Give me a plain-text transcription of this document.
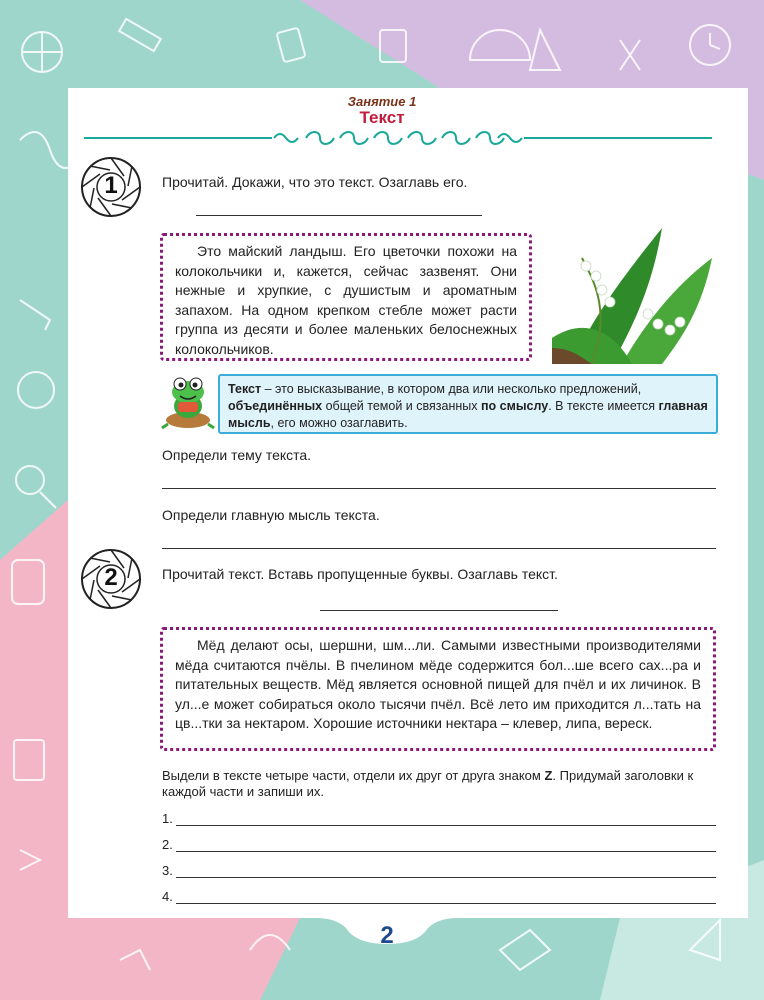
Занятие 1
Текст
1	Прочитай. Докажи, что это текст. Озаглавь его.
Это майский ландыш. Его цветочки похожи на колокольчики и, кажется, сейчас зазвенят. Они нежные и хрупкие, с душистым и ароматным запахом. На одном крепком стебле может расти группа из десяти и более маленьких белоснежных колокольчиков.
Текст – это высказывание, в котором два или несколько предложений, объединённых общей темой и связанных по смыслу. В тексте имеется главная мысль, его можно озаглавить.
Определи тему текста.
Определи главную мысль текста.
2	Прочитай текст. Вставь пропущенные буквы. Озаглавь текст.
Мёд делают осы, шершни, шм...ли. Самыми известными производителями мёда считаются пчёлы. В пчелином мёде содержится бол...ше всего сах...ра и питательных веществ. Мёд является основной пищей для пчёл и их личинок. В ул...е может собираться около тысячи пчёл. Всё лето им приходится л...тать на цв...тки за нектаром. Хорошие источники нектара – клевер, липа, вереск.
Выдели в тексте четыре части, отдели их друг от друга знаком Z. Придумай заголовки к каждой части и запиши их.
1.
2.
3.
4.
2
